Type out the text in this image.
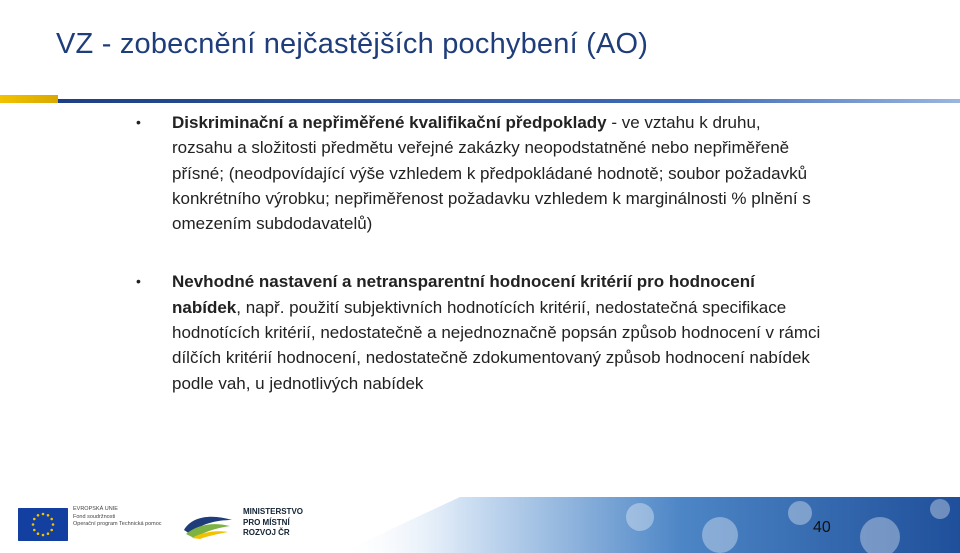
VZ - zobecnění nejčastějších pochybení (AO)
• Diskriminační a nepřiměřené kvalifikační předpoklady - ve vztahu k druhu, rozsahu a složitosti předmětu veřejné zakázky neopodstatněné nebo nepřiměřeně přísné; (neodpovídající výše vzhledem k předpokládané hodnotě; soubor požadavků konkrétního výrobku; nepřiměřenost požadavku vzhledem k marginálnosti % plnění s omezením subdodavatelů)
• Nevhodné nastavení a netransparentní hodnocení kritérií pro hodnocení nabídek, např. použití subjektivních hodnotících kritérií, nedostatečná specifikace hodnotících kritérií, nedostatečně a nejednoznačně popsán způsob hodnocení v rámci dílčích kritérií hodnocení, nedostatečně zdokumentovaný způsob hodnocení nabídek podle vah, u jednotlivých nabídek
EVROPSKÁ UNIE
Fond soudržnosti
Operační program Technická pomoc
MINISTERSTVO
PRO MÍSTNÍ
ROZVOJ ČR	40
